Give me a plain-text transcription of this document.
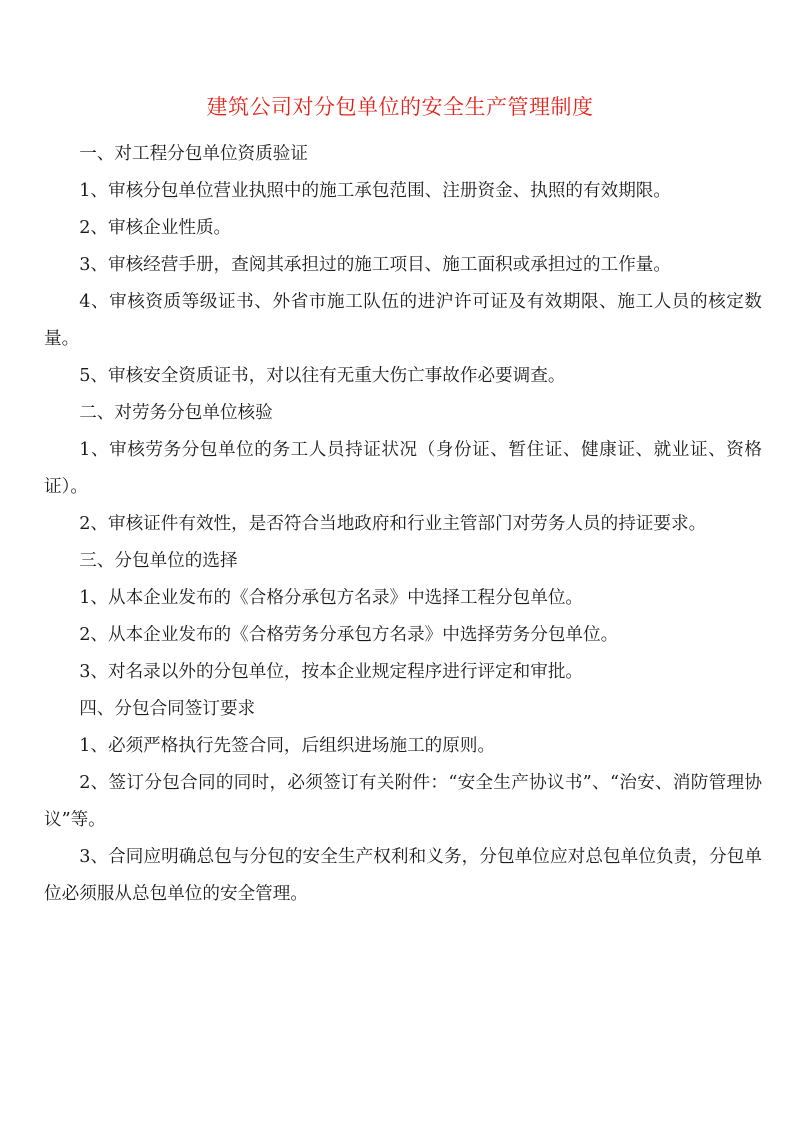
建筑公司对分包单位的安全生产管理制度

一、对工程分包单位资质验证

1、审核分包单位营业执照中的施工承包范围、注册资金、执照的有效期限。

2、审核企业性质。

3、审核经营手册，查阅其承担过的施工项目、施工面积或承担过的工作量。

4、审核资质等级证书、外省市施工队伍的进沪许可证及有效期限、施工人员的核定数量。

5、审核安全资质证书，对以往有无重大伤亡事故作必要调查。

二、对劳务分包单位核验

1、审核劳务分包单位的务工人员持证状况（身份证、暂住证、健康证、就业证、资格证）。

2、审核证件有效性，是否符合当地政府和行业主管部门对劳务人员的持证要求。

三、分包单位的选择

1、从本企业发布的《合格分承包方名录》中选择工程分包单位。

2、从本企业发布的《合格劳务分承包方名录》中选择劳务分包单位。

3、对名录以外的分包单位，按本企业规定程序进行评定和审批。

四、分包合同签订要求

1、必须严格执行先签合同，后组织进场施工的原则。

2、签订分包合同的同时，必须签订有关附件：“安全生产协议书”、“治安、消防管理协议”等。

3、合同应明确总包与分包的安全生产权利和义务，分包单位应对总包单位负责，分包单位必须服从总包单位的安全管理。
